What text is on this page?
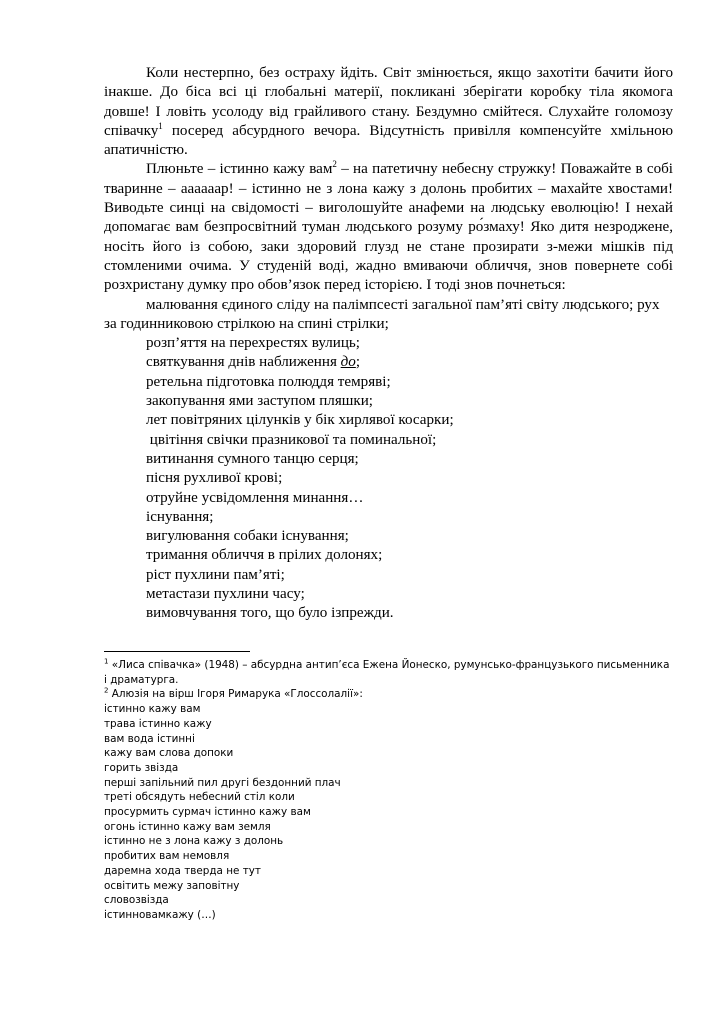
Коли нестерпно, без остраху йдіть. Світ змінюється, якщо захотіти бачити його інакше. До біса всі ці глобальні матерії, покликані зберігати коробку тіла якомога довше! І ловіть усолоду від грайливого стану. Бездумно смійтеся. Слухайте голомозу співачку$^1$ посеред абсурдного вечора. Відсутність привілля компенсуйте хмільною апатичністю.

Плюньте – істинно кажу вам$^2$ – на патетичну небесну стружку! Поважайте в собі тваринне – аааааар! – істинно не з лона кажу з долонь пробитих – махайте хвостами! Виводьте синці на свідомості – виголошуйте анафеми на людську еволюцію! І нехай допомагає вам безпросвітний туман людського розуму ро́змаху! Яко дитя незроджене, носіть його із собою, заки здоровий глузд не стане прозирати з-межи мішків під стомленими очима. У студеній воді, жадно вмиваючи обличчя, знов повернете собі розхристану думку про обов’язок перед історією. І тоді знов почнеться:

малювання єдиного сліду на палімпсесті загальної пам’яті світу людського; рух за годинниковою стрілкою на спині стрілки;

розп’яття на перехрестях вулиць;

святкування днів наближення до;

ретельна підготовка полюддя темряві;

закопування ями заступом пляшки;

лет повітряних цілунків у бік хирлявої косарки;

цвітіння свічки празникової та поминальної;

витинання сумного танцю серця;

пісня рухливої крові;

отруйне усвідомлення минання…

існування;

вигулювання собаки існування;

тримання обличчя в прілих долонях;

ріст пухлини пам’яті;

метастази пухлини часу;

вимовчування того, що було ізпрежди.

$^1$ «Лиса співачка» (1948) – абсурдна антип’єса Ежена Йонеско, румунсько-французького письменника і драматурга.

$^2$ Алюзія на вірш Ігоря Римарука «Глоссолалії»:

істинно кажу вам

трава істинно кажу

вам вода істинні

кажу вам слова допоки

горить звізда

перші запільний пил другі бездонний плач

треті обсядуть небесний стіл коли

просурмить сурмач істинно кажу вам

огонь істинно кажу вам земля

істинно не з лона кажу з долонь

пробитих вам немовля

даремна хода тверда не тут

освітить межу заповітну

словозвізда

істинновамкажу (…)
